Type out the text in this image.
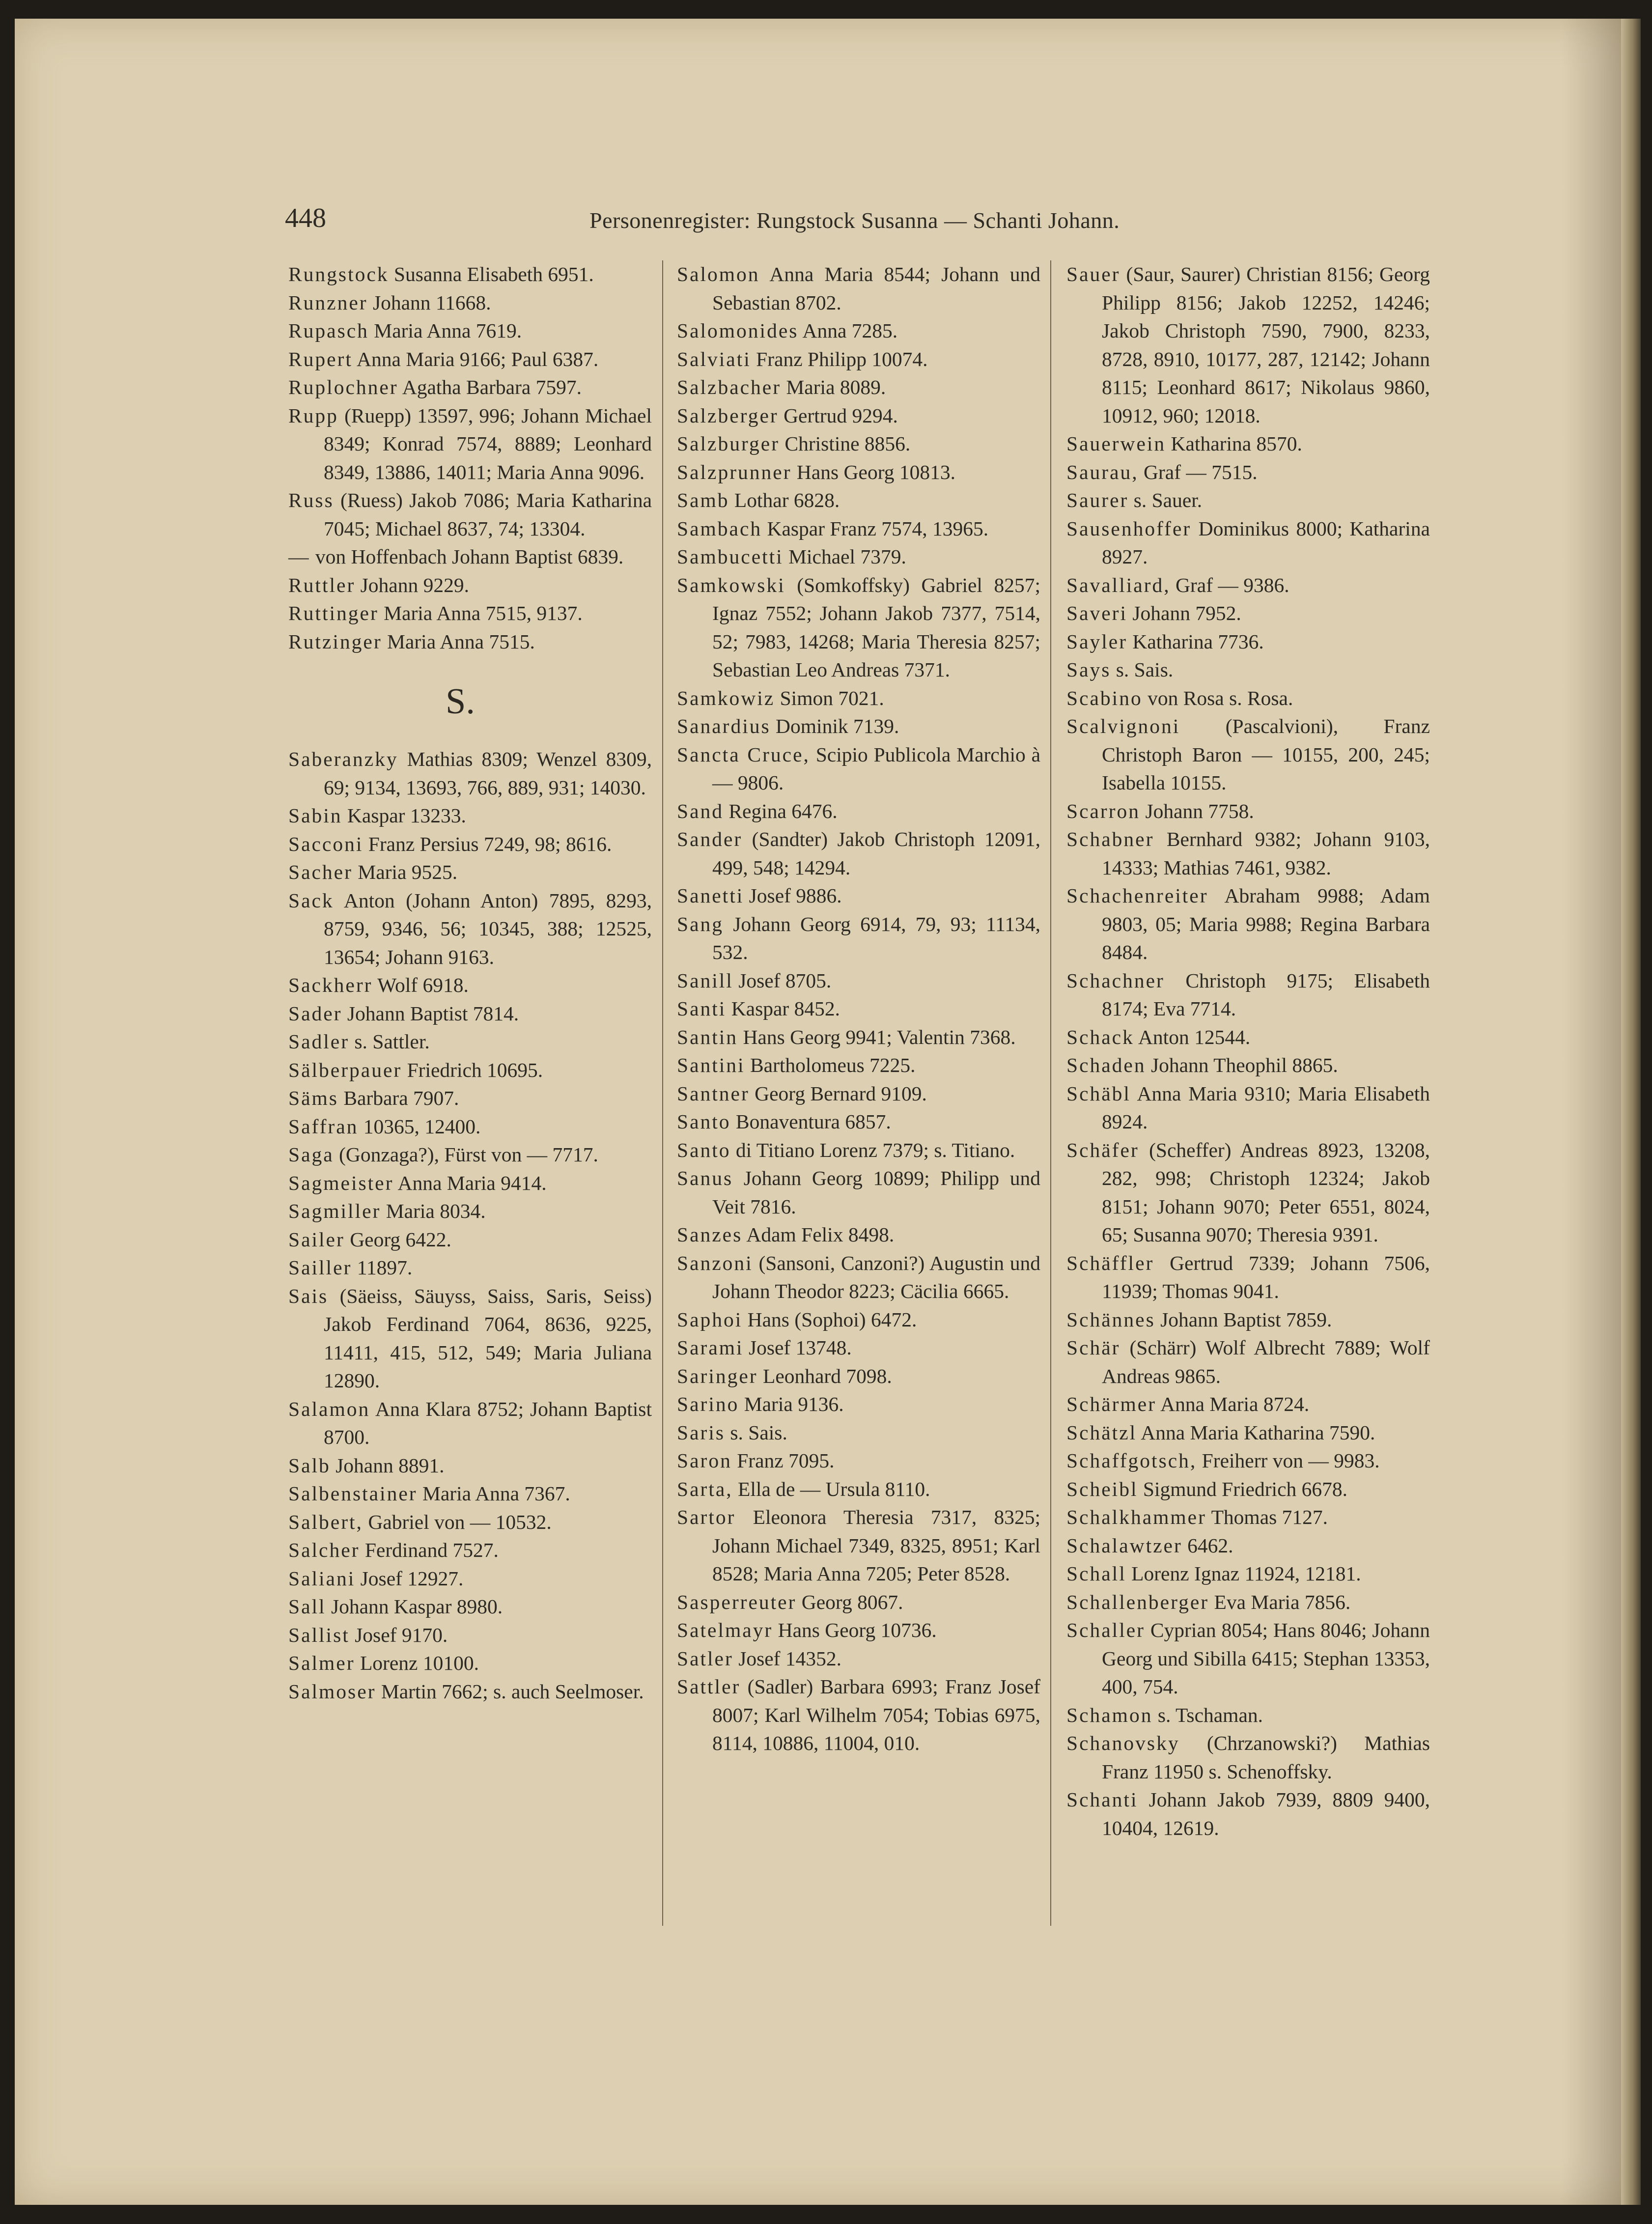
448	Personenregister: Rungstock Susanna — Schanti Johann.

Rungstock Susanna Elisabeth 6951.

Runzner Johann 11668.

Rupasch Maria Anna 7619.

Rupert Anna Maria 9166; Paul 6387.

Ruplochner Agatha Barbara 7597.

Rupp (Ruepp) 13597, 996; Johann Michael 8349; Konrad 7574, 8889; Leonhard 8349, 13886, 14011; Maria Anna 9096.

Russ (Ruess) Jakob 7086; Maria Katharina 7045; Michael 8637, 74; 13304.

— von Hoffenbach Johann Baptist 6839.

Ruttler Johann 9229.

Ruttinger Maria Anna 7515, 9137.

Rutzinger Maria Anna 7515.

S.

Saberanzky Mathias 8309; Wenzel 8309, 69; 9134, 13693, 766, 889, 931; 14030.

Sabin Kaspar 13233.

Sacconi Franz Persius 7249, 98; 8616.

Sacher Maria 9525.

Sack Anton (Johann Anton) 7895, 8293, 8759, 9346, 56; 10345, 388; 12525, 13654; Johann 9163.

Sackherr Wolf 6918.

Sader Johann Baptist 7814.

Sadler s. Sattler.

Sälberpauer Friedrich 10695.

Säms Barbara 7907.

Saffran 10365, 12400.

Saga (Gonzaga?), Fürst von — 7717.

Sagmeister Anna Maria 9414.

Sagmiller Maria 8034.

Sailer Georg 6422.

Sailler 11897.

Sais (Säeiss, Säuyss, Saiss, Saris, Seiss) Jakob Ferdinand 7064, 8636, 9225, 11411, 415, 512, 549; Maria Juliana 12890.

Salamon Anna Klara 8752; Johann Baptist 8700.

Salb Johann 8891.

Salbenstainer Maria Anna 7367.

Salbert, Gabriel von — 10532.

Salcher Ferdinand 7527.

Saliani Josef 12927.

Sall Johann Kaspar 8980.

Sallist Josef 9170.

Salmer Lorenz 10100.

Salmoser Martin 7662; s. auch Seelmoser.

Salomon Anna Maria 8544; Johann und Sebastian 8702.

Salomonides Anna 7285.

Salviati Franz Philipp 10074.

Salzbacher Maria 8089.

Salzberger Gertrud 9294.

Salzburger Christine 8856.

Salzprunner Hans Georg 10813.

Samb Lothar 6828.

Sambach Kaspar Franz 7574, 13965.

Sambucetti Michael 7379.

Samkowski (Somkoffsky) Gabriel 8257; Ignaz 7552; Johann Jakob 7377, 7514, 52; 7983, 14268; Maria Theresia 8257; Sebastian Leo Andreas 7371.

Samkowiz Simon 7021.

Sanardius Dominik 7139.

Sancta Cruce, Scipio Publicola Marchio à — 9806.

Sand Regina 6476.

Sander (Sandter) Jakob Christoph 12091, 499, 548; 14294.

Sanetti Josef 9886.

Sang Johann Georg 6914, 79, 93; 11134, 532.

Sanill Josef 8705.

Santi Kaspar 8452.

Santin Hans Georg 9941; Valentin 7368.

Santini Bartholomeus 7225.

Santner Georg Bernard 9109.

Santo Bonaventura 6857.

Santo di Titiano Lorenz 7379; s. Titiano.

Sanus Johann Georg 10899; Philipp und Veit 7816.

Sanzes Adam Felix 8498.

Sanzoni (Sansoni, Canzoni?) Augustin und Johann Theodor 8223; Cäcilia 6665.

Saphoi Hans (Sophoi) 6472.

Sarami Josef 13748.

Saringer Leonhard 7098.

Sarino Maria 9136.

Saris s. Sais.

Saron Franz 7095.

Sarta, Ella de — Ursula 8110.

Sartor Eleonora Theresia 7317, 8325; Johann Michael 7349, 8325, 8951; Karl 8528; Maria Anna 7205; Peter 8528.

Sasperreuter Georg 8067.

Satelmayr Hans Georg 10736.

Satler Josef 14352.

Sattler (Sadler) Barbara 6993; Franz Josef 8007; Karl Wilhelm 7054; Tobias 6975, 8114, 10886, 11004, 010.

Sauer (Saur, Saurer) Christian 8156; Georg Philipp 8156; Jakob 12252, 14246; Jakob Christoph 7590, 7900, 8233, 8728, 8910, 10177, 287, 12142; Johann 8115; Leonhard 8617; Nikolaus 9860, 10912, 960; 12018.

Sauerwein Katharina 8570.

Saurau, Graf — 7515.

Saurer s. Sauer.

Sausenhoffer Dominikus 8000; Katharina 8927.

Savalliard, Graf — 9386.

Saveri Johann 7952.

Sayler Katharina 7736.

Says s. Sais.

Scabino von Rosa s. Rosa.

Scalvignoni (Pascalvioni), Franz Christoph Baron — 10155, 200, 245; Isabella 10155.

Scarron Johann 7758.

Schabner Bernhard 9382; Johann 9103, 14333; Mathias 7461, 9382.

Schachenreiter Abraham 9988; Adam 9803, 05; Maria 9988; Regina Barbara 8484.

Schachner Christoph 9175; Elisabeth 8174; Eva 7714.

Schack Anton 12544.

Schaden Johann Theophil 8865.

Schäbl Anna Maria 9310; Maria Elisabeth 8924.

Schäfer (Scheffer) Andreas 8923, 13208, 282, 998; Christoph 12324; Jakob 8151; Johann 9070; Peter 6551, 8024, 65; Susanna 9070; Theresia 9391.

Schäffler Gertrud 7339; Johann 7506, 11939; Thomas 9041.

Schännes Johann Baptist 7859.

Schär (Schärr) Wolf Albrecht 7889; Wolf Andreas 9865.

Schärmer Anna Maria 8724.

Schätzl Anna Maria Katharina 7590.

Schaffgotsch, Freiherr von — 9983.

Scheibl Sigmund Friedrich 6678.

Schalkhammer Thomas 7127.

Schalawtzer 6462.

Schall Lorenz Ignaz 11924, 12181.

Schallenberger Eva Maria 7856.

Schaller Cyprian 8054; Hans 8046; Johann Georg und Sibilla 6415; Stephan 13353, 400, 754.

Schamon s. Tschaman.

Schanovsky (Chrzanowski?) Mathias Franz 11950 s. Schenoffsky.

Schanti Johann Jakob 7939, 8809 9400, 10404, 12619.
